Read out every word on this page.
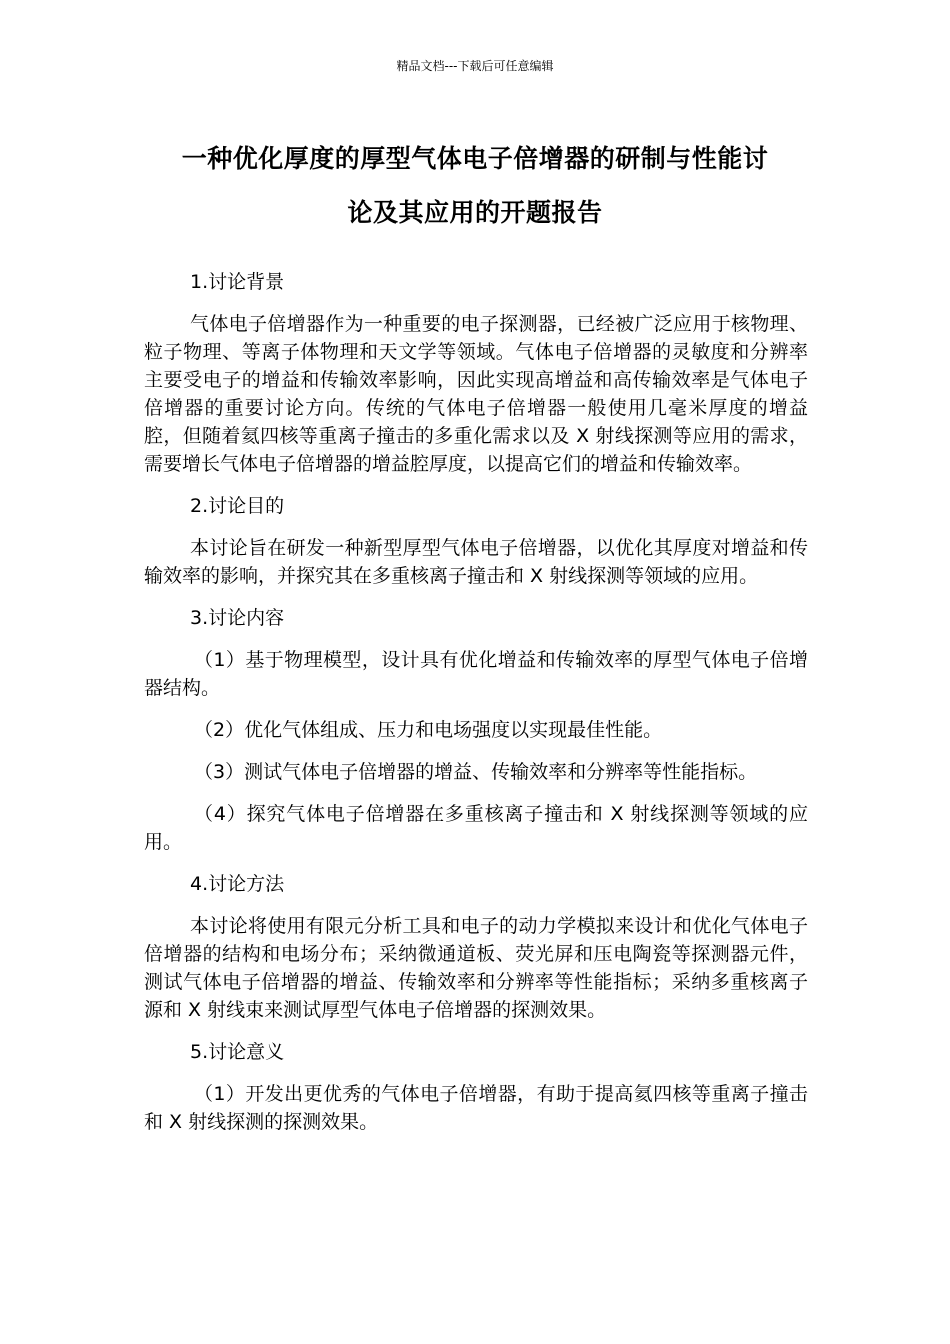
精品文档---下载后可任意编辑
一种优化厚度的厚型气体电子倍增器的研制与性能讨
论及其应用的开题报告

1.讨论背景

气体电子倍增器作为一种重要的电子探测器，已经被广泛应用于核物理、粒子物理、等离子体物理和天文学等领域。气体电子倍增器的灵敏度和分辨率主要受电子的增益和传输效率影响，因此实现高增益和高传输效率是气体电子倍增器的重要讨论方向。传统的气体电子倍增器一般使用几毫米厚度的增益腔，但随着氦四核等重离子撞击的多重化需求以及 X 射线探测等应用的需求，需要增长气体电子倍增器的增益腔厚度，以提高它们的增益和传输效率。

2.讨论目的

本讨论旨在研发一种新型厚型气体电子倍增器，以优化其厚度对增益和传输效率的影响，并探究其在多重核离子撞击和 X 射线探测等领域的应用。

3.讨论内容

（1）基于物理模型，设计具有优化增益和传输效率的厚型气体电子倍增器结构。

（2）优化气体组成、压力和电场强度以实现最佳性能。

（3）测试气体电子倍增器的增益、传输效率和分辨率等性能指标。

（4）探究气体电子倍增器在多重核离子撞击和 X 射线探测等领域的应用。

4.讨论方法

本讨论将使用有限元分析工具和电子的动力学模拟来设计和优化气体电子倍增器的结构和电场分布；采纳微通道板、荧光屏和压电陶瓷等探测器元件，测试气体电子倍增器的增益、传输效率和分辨率等性能指标；采纳多重核离子源和 X 射线束来测试厚型气体电子倍增器的探测效果。

5.讨论意义

（1）开发出更优秀的气体电子倍增器，有助于提高氦四核等重离子撞击和 X 射线探测的探测效果。
